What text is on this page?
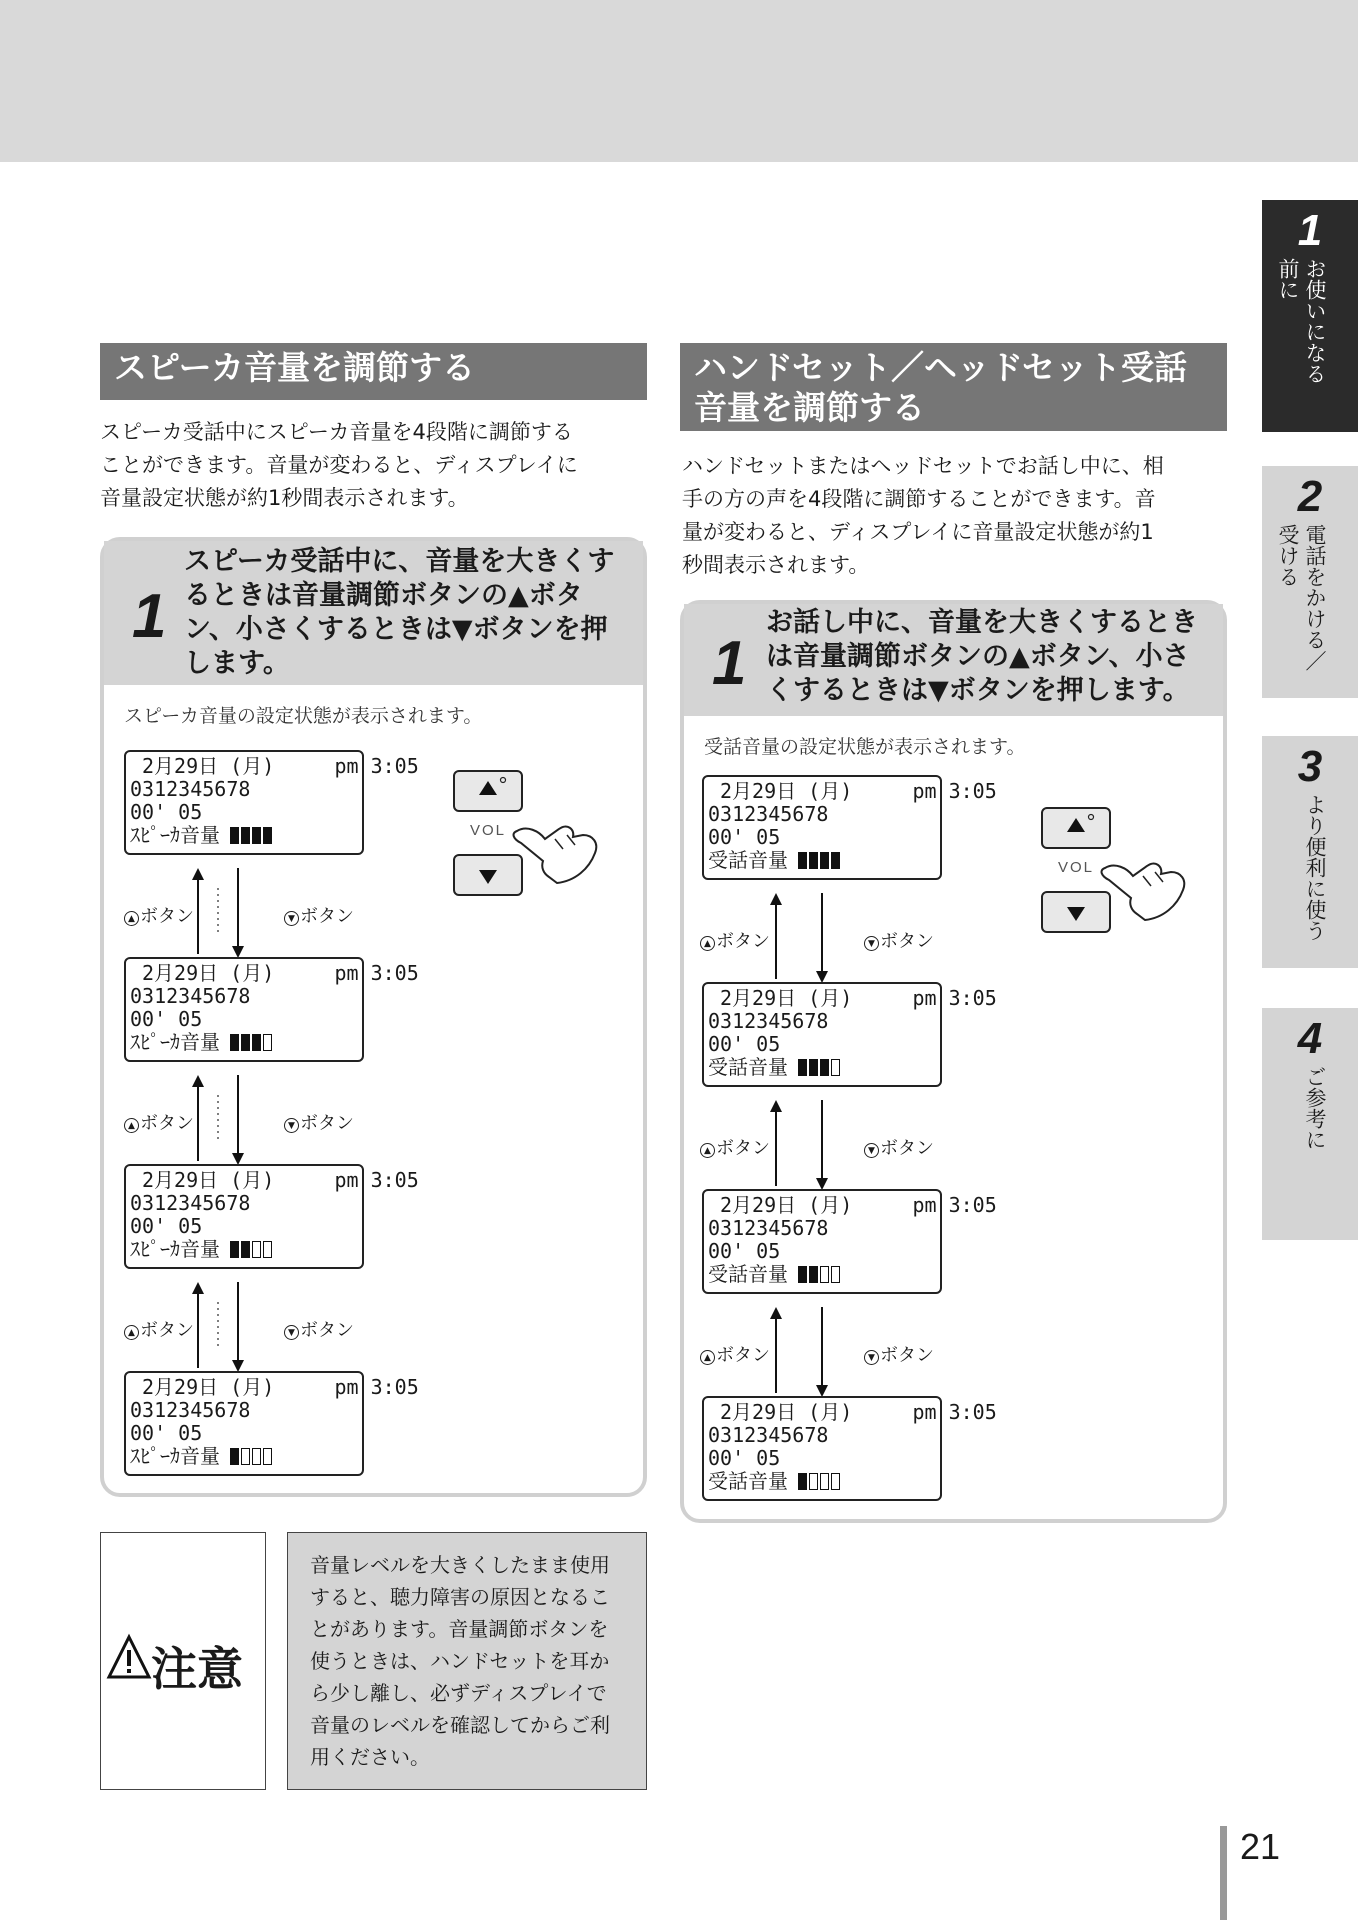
1
お使いになる
前に
2
電話をかける／
受ける
3
より便利に使う
4
ご参考に
スピーカ音量を調節する
スピーカ受話中にスピーカ音量を4段階に調節する
ことができます。音量が変わると、ディスプレイに
音量設定状態が約1秒間表示されます。
1
スピーカ受話中に、音量を大きくす
るときは音量調節ボタンの▲ボタ
ン、小さくするときは▼ボタンを押
します。
スピーカ音量の設定状態が表示されます。
2月29日 (月)     pm 3:05
0312345678
00' 05
ｽﾋﾟｰｶ音量
▲ ボタン	▼ ボタン
2月29日 (月)     pm 3:05
0312345678
00' 05
ｽﾋﾟｰｶ音量
▲ ボタン	▼ ボタン
2月29日 (月)     pm 3:05
0312345678
00' 05
ｽﾋﾟｰｶ音量
▲ ボタン	▼ ボタン
2月29日 (月)     pm 3:05
0312345678
00' 05
ｽﾋﾟｰｶ音量
VOL
ハンドセット／ヘッドセット受話
音量を調節する
ハンドセットまたはヘッドセットでお話し中に、相
手の方の声を4段階に調節することができます。音
量が変わると、ディスプレイに音量設定状態が約1
秒間表示されます。
1
お話し中に、音量を大きくするとき
は音量調節ボタンの▲ボタン、小さ
くするときは▼ボタンを押します。
受話音量の設定状態が表示されます。
2月29日 (月)     pm 3:05
0312345678
00' 05
受話音量
▲ ボタン	▼ ボタン
2月29日 (月)     pm 3:05
0312345678
00' 05
受話音量
▲ ボタン	▼ ボタン
2月29日 (月)     pm 3:05
0312345678
00' 05
受話音量
▲ ボタン	▼ ボタン
2月29日 (月)     pm 3:05
0312345678
00' 05
受話音量
VOL
注意
音量レベルを大きくしたまま使用
すると、聴力障害の原因となるこ
とがあります。音量調節ボタンを
使うときは、ハンドセットを耳か
ら少し離し、必ずディスプレイで
音量のレベルを確認してからご利
用ください。
21
